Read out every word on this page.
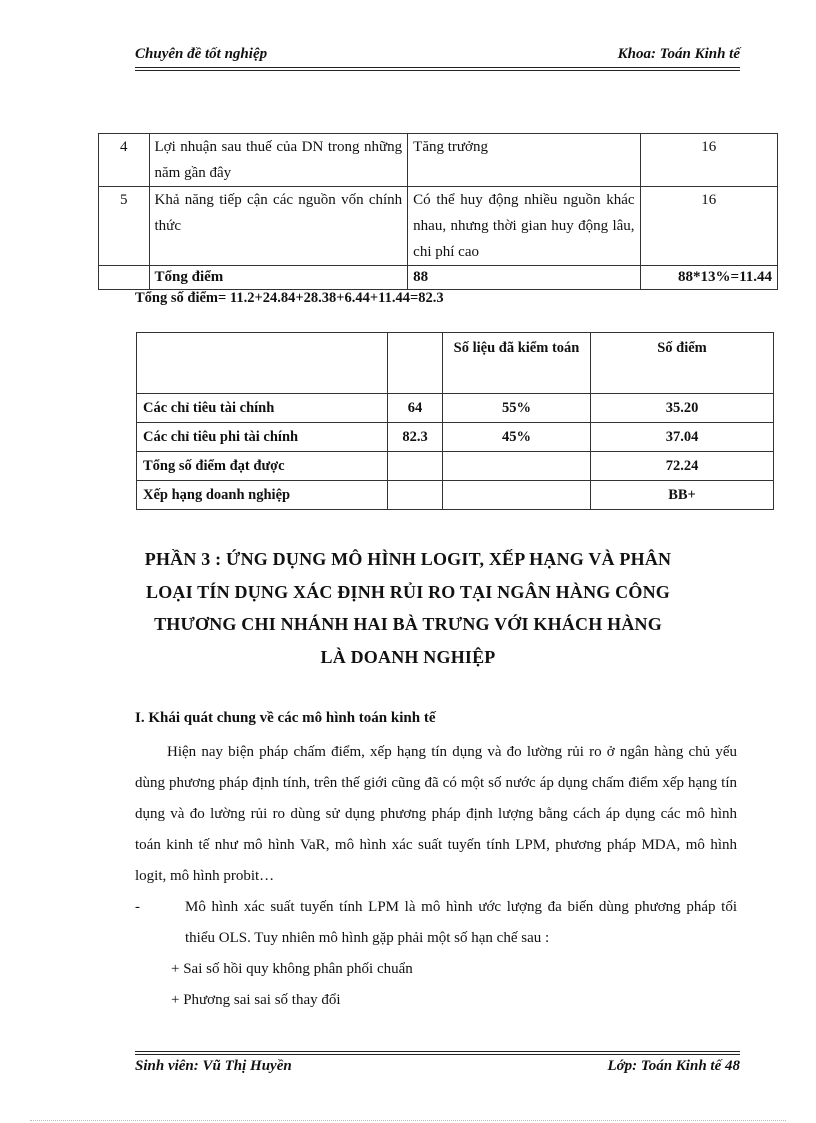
Chuyên đề tốt nghiệp	Khoa: Toán Kinh tế
4	Lợi nhuận sau thuế của DN trong những năm gần đây	Tăng trưởng	16
5	Khả năng tiếp cận các nguồn vốn chính thức	Có thể huy động nhiều nguồn khác nhau, nhưng thời gian huy động lâu, chi phí cao	16
	Tổng điểm	88	88*13%=11.44
Tổng số điểm= 11.2+24.84+28.38+6.44+11.44=82.3
		Số liệu đã kiểm toán	Số điểm
Các chỉ tiêu tài chính	64	55%	35.20
Các chỉ tiêu phi tài chính	82.3	45%	37.04
Tổng số điểm đạt được			72.24
Xếp hạng doanh nghiệp			BB+
PHẦN 3 : ỨNG DỤNG MÔ HÌNH LOGIT, XẾP HẠNG VÀ PHÂN
LOẠI TÍN DỤNG XÁC ĐỊNH RỦI RO TẠI NGÂN HÀNG CÔNG
THƯƠNG CHI NHÁNH HAI BÀ TRƯNG VỚI KHÁCH HÀNG
LÀ DOANH NGHIỆP
I. Khái quát chung về các mô hình toán kinh tế

Hiện nay biện pháp chấm điểm, xếp hạng tín dụng và đo lường rủi ro ở ngân hàng chủ yếu dùng phương pháp định tính, trên thế giới cũng đã có một số nước áp dụng chấm điểm xếp hạng tín dụng và đo lường rủi ro dùng sử dụng phương pháp định lượng bằng cách áp dụng các mô hình toán kinh tế như mô hình VaR, mô hình xác suất tuyến tính LPM, phương pháp MDA, mô hình logit, mô hình probit…

-	Mô hình xác suất tuyến tính LPM là mô hình ước lượng đa biến dùng phương pháp tối thiểu OLS. Tuy nhiên mô hình gặp phải một số hạn chế sau :

+ Sai số hồi quy không phân phối chuẩn

+ Phương sai sai số thay đổi

Sinh viên: Vũ Thị Huyền	Lớp: Toán Kinh tế 48
